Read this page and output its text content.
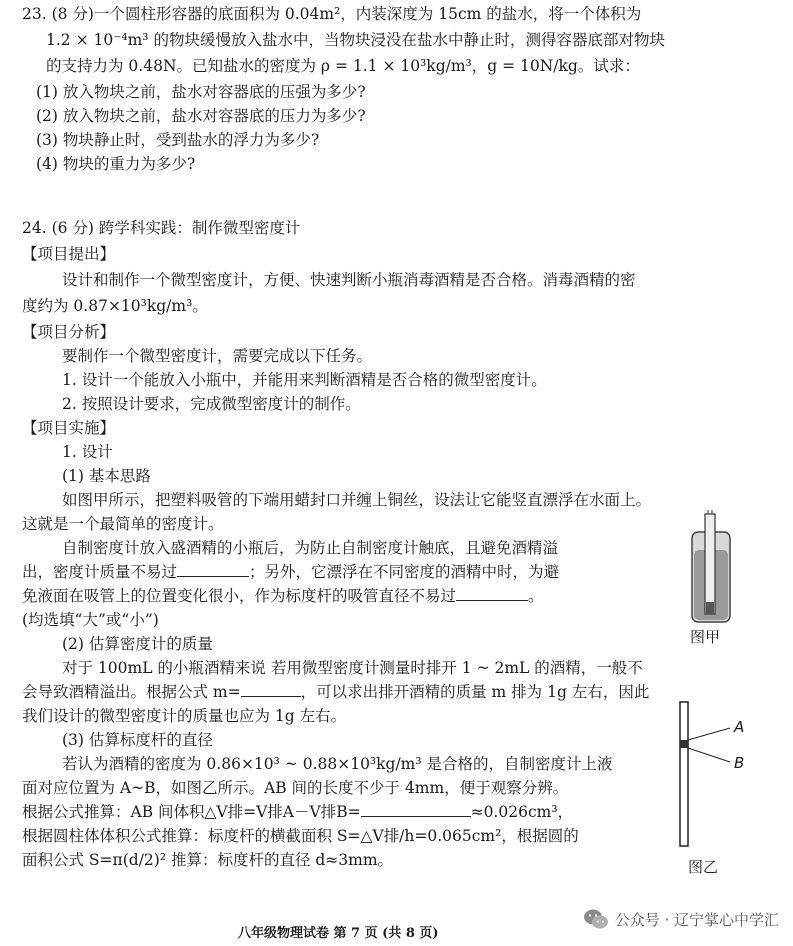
23. (8 分)一个圆柱形容器的底面积为 0.04m²，内装深度为 15cm 的盐水，将一个体积为
1.2 × 10⁻⁴m³ 的物块缓慢放入盐水中，当物块浸没在盐水中静止时，测得容器底部对物块
的支持力为 0.48N。已知盐水的密度为 ρ = 1.1 × 10³kg/m³，g = 10N/kg。试求：
(1) 放入物块之前，盐水对容器底的压强为多少?
(2) 放入物块之前，盐水对容器底的压力为多少?
(3) 物块静止时，受到盐水的浮力为多少?
(4) 物块的重力为多少?
24. (6 分) 跨学科实践：制作微型密度计
【项目提出】
设计和制作一个微型密度计，方便、快速判断小瓶消毒酒精是否合格。消毒酒精的密
度约为 0.87×10³kg/m³。
【项目分析】
要制作一个微型密度计，需要完成以下任务。
1. 设计一个能放入小瓶中，并能用来判断酒精是否合格的微型密度计。
2. 按照设计要求，完成微型密度计的制作。
【项目实施】
1. 设计
(1) 基本思路
如图甲所示，把塑料吸管的下端用蜡封口并缠上铜丝，设法让它能竖直漂浮在水面上。
这就是一个最简单的密度计。
自制密度计放入盛酒精的小瓶后，为防止自制密度计触底，且避免酒精溢
出，密度计质量不易过	；另外，它漂浮在不同密度的酒精中时，为避
免液面在吸管上的位置变化很小，作为标度杆的吸管直径不易过	。
(均选填“大”或“小”)
(2) 估算密度计的质量
对于 100mL 的小瓶酒精来说 若用微型密度计测量时排开 1 ~ 2mL 的酒精，一般不
会导致酒精溢出。根据公式 m=	，可以求出排开酒精的质量 m 排为 1g 左右，因此
我们设计的微型密度计的质量也应为 1g 左右。
(3) 估算标度杆的直径
若认为酒精的密度为 0.86×10³ ~ 0.88×10³kg/m³ 是合格的，自制密度计上液
面对应位置为 A~B，如图乙所示。AB 间的长度不少于 4mm，便于观察分辨。
根据公式推算：AB 间体积△V排=V排A－V排B=	≈0.026cm³，
根据圆柱体体积公式推算：标度杆的横截面积 S=△V排/h=0.065cm²，根据圆的
面积公式 S=π(d/2)² 推算：标度杆的直径 d≈3mm。
图甲
A
B
图乙
八年级物理试卷 第 7 页 (共 8 页)
公众号 · 辽宁掌心中学汇
